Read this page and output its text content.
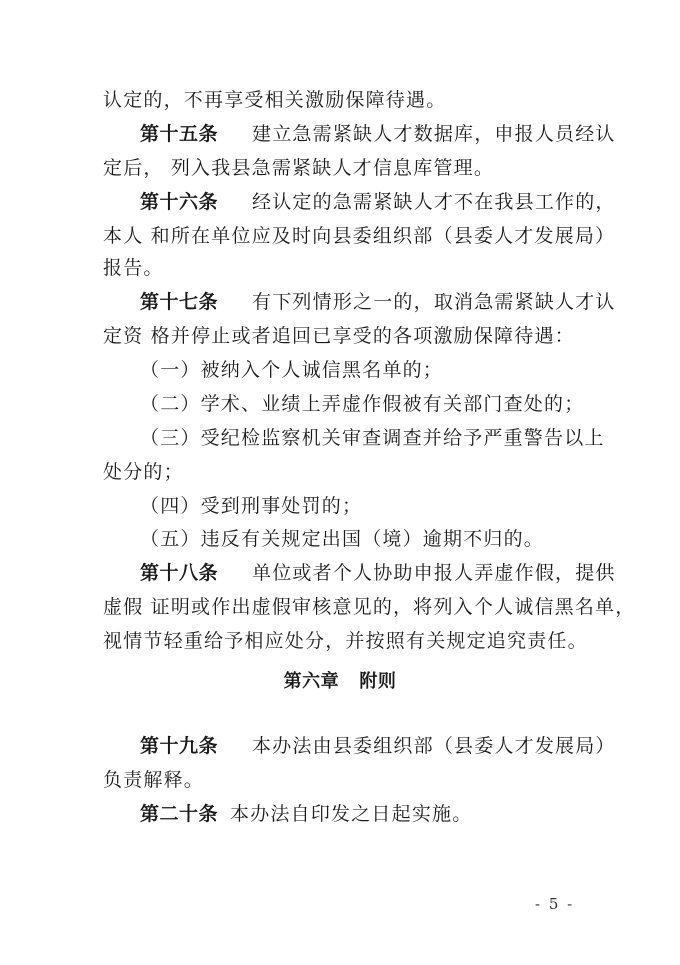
认定的，不再享受相关激励保障待遇。
第十五条 建立急需紧缺人才数据库，申报人员经认
定后， 列入我县急需紧缺人才信息库管理。
第十六条 经认定的急需紧缺人才不在我县工作的，
本人 和所在单位应及时向县委组织部（县委人才发展局）
报告。
第十七条 有下列情形之一的，取消急需紧缺人才认
定资 格并停止或者追回已享受的各项激励保障待遇：
（一）被纳入个人诚信黑名单的；
（二）学术、业绩上弄虚作假被有关部门查处的；
（三）受纪检监察机关审查调查并给予严重警告以上
处分的；
（四）受到刑事处罚的；
（五）违反有关规定出国（境）逾期不归的。
第十八条 单位或者个人协助申报人弄虚作假，提供
虚假 证明或作出虚假审核意见的，将列入个人诚信黑名单，
视情节轻重给予相应处分，并按照有关规定追究责任。
第六章   附则
第十九条 本办法由县委组织部（县委人才发展局）
负责解释。
第二十条 本办法自印发之日起实施。
- 5 -
